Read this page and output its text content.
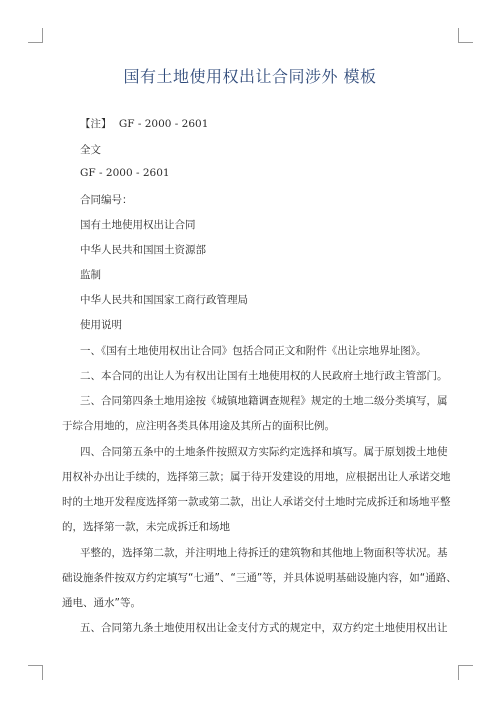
国有土地使用权出让合同涉外 模板
【注】 GF - 2000 - 2601
全文
GF - 2000 - 2601
合同编号：
国有土地使用权出让合同
中华人民共和国国土资源部
监制
中华人民共和国国家工商行政管理局
使用说明
一、《国有土地使用权出让合同》包括合同正文和附件《出让宗地界址图》。
二、本合同的出让人为有权出让国有土地使用权的人民政府土地行政主管部门。
三、合同第四条土地用途按《城镇地籍调查规程》规定的土地二级分类填写，属
于综合用地的，应注明各类具体用途及其所占的面积比例。
四、合同第五条中的土地条件按照双方实际约定选择和填写。属于原划拨土地使
用权补办出让手续的，选择第三款；属于待开发建设的用地，应根据出让人承诺交地
时的土地开发程度选择第一款或第二款，出让人承诺交付土地时完成拆迁和场地平整
的，选择第一款，未完成拆迁和场地
平整的，选择第二款，并注明地上待拆迁的建筑物和其他地上物面积等状况。基
础设施条件按双方约定填写“七通”、“三通”等，并具体说明基础设施内容，如“通路、
通电、通水”等。
五、合同第九条土地使用权出让金支付方式的规定中，双方约定土地使用权出让
